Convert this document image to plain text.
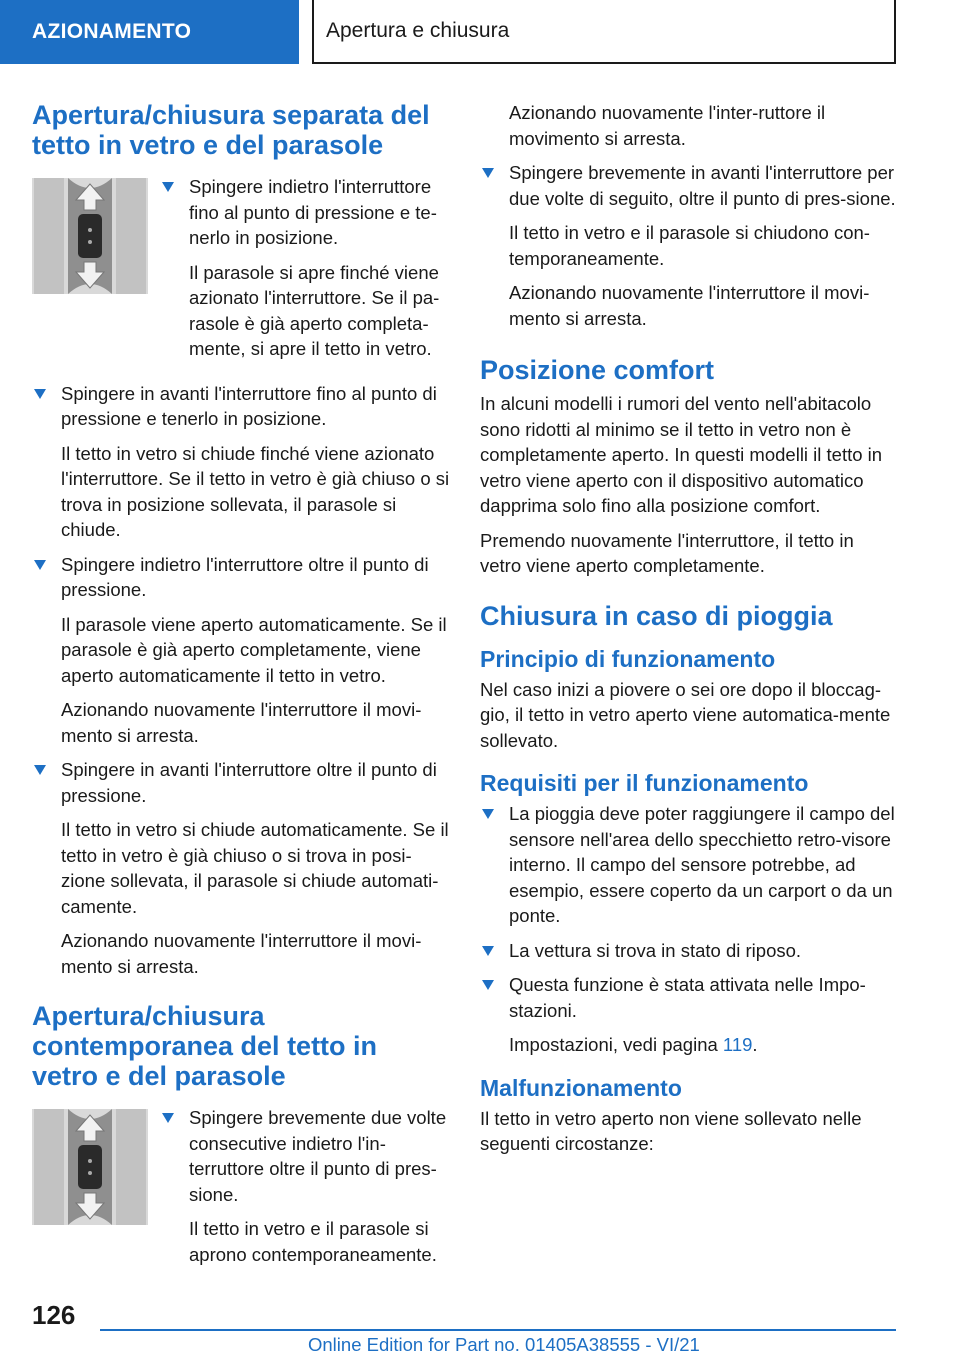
AZIONAMENTO	Apertura e chiusura
Apertura/chiusura separata del tetto in vetro e del parasole

Spingere indietro l'interruttore fino al punto di pressione e te-nerlo in posizione.

Il parasole si apre finché viene azionato l'interruttore. Se il pa-rasole è già aperto completa-mente, si apre il tetto in vetro.

Spingere in avanti l'interruttore fino al punto di pressione e tenerlo in posizione.

Il tetto in vetro si chiude finché viene azionato l'interruttore. Se il tetto in vetro è già chiuso o si trova in posizione sollevata, il parasole si chiude.

Spingere indietro l'interruttore oltre il punto di pressione.

Il parasole viene aperto automaticamente. Se il parasole è già aperto completamente, viene aperto automaticamente il tetto in vetro.

Azionando nuovamente l'interruttore il movi-mento si arresta.

Spingere in avanti l'interruttore oltre il punto di pressione.

Il tetto in vetro si chiude automaticamente. Se il tetto in vetro è già chiuso o si trova in posi-zione sollevata, il parasole si chiude automati-camente.

Azionando nuovamente l'interruttore il movi-mento si arresta.

Apertura/chiusura contemporanea del tetto in vetro e del parasole

Spingere brevemente due volte consecutive indietro l'in-terruttore oltre il punto di pres-sione.

Il tetto in vetro e il parasole si aprono contemporaneamente.

Azionando nuovamente l'inter-ruttore il movimento si arresta.

Spingere brevemente in avanti l'interruttore per due volte di seguito, oltre il punto di pres-sione.

Il tetto in vetro e il parasole si chiudono con-temporaneamente.

Azionando nuovamente l'interruttore il movi-mento si arresta.

Posizione comfort

In alcuni modelli i rumori del vento nell'abitacolo sono ridotti al minimo se il tetto in vetro non è completamente aperto. In questi modelli il tetto in vetro viene aperto con il dispositivo automatico dapprima solo fino alla posizione comfort.

Premendo nuovamente l'interruttore, il tetto in vetro viene aperto completamente.

Chiusura in caso di pioggia
Principio di funzionamento

Nel caso inizi a piovere o sei ore dopo il bloccag-gio, il tetto in vetro aperto viene automatica-mente sollevato.

Requisiti per il funzionamento

La pioggia deve poter raggiungere il campo del sensore nell'area dello specchietto retro-visore interno. Il campo del sensore potrebbe, ad esempio, essere coperto da un carport o da un ponte.

La vettura si trova in stato di riposo.

Questa funzione è stata attivata nelle Impo-stazioni.

Impostazioni, vedi pagina 119.

Malfunzionamento

Il tetto in vetro aperto non viene sollevato nelle seguenti circostanze:

126
Online Edition for Part no. 01405A38555 - VI/21
